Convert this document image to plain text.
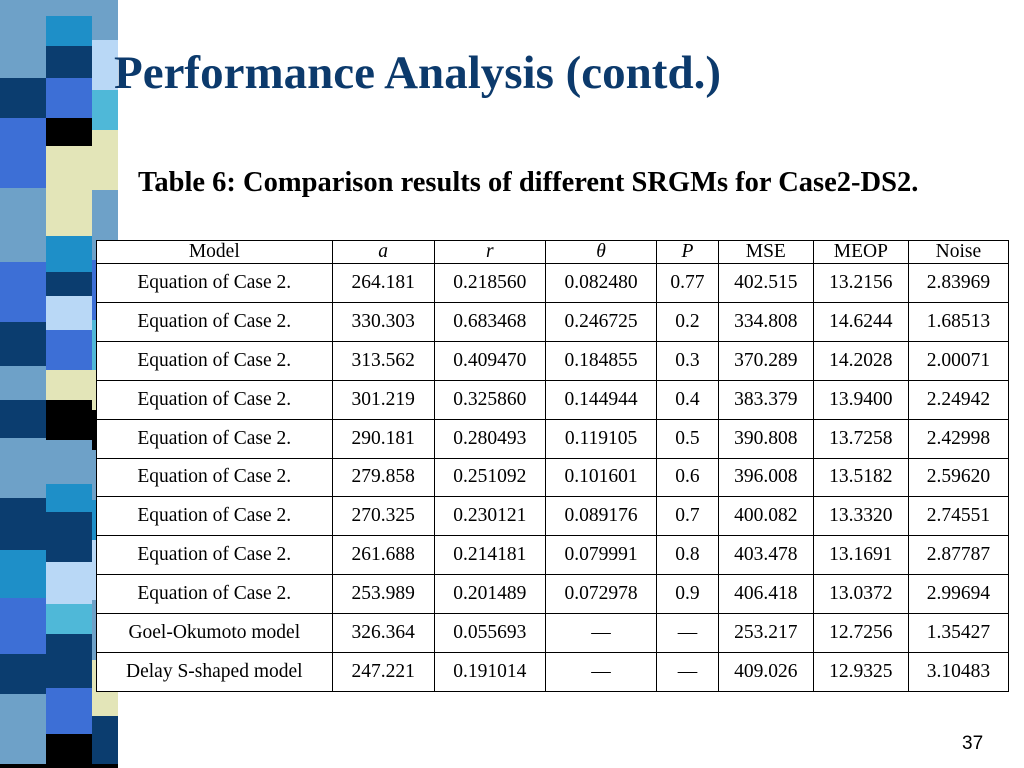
Performance Analysis (contd.)
Table 6: Comparison results of different SRGMs for Case2-DS2.
Model	a	r	θ	P	MSE	MEOP	Noise
Equation of Case 2.	264.181	0.218560	0.082480	0.77	402.515	13.2156	2.83969
Equation of Case 2.	330.303	0.683468	0.246725	0.2	334.808	14.6244	1.68513
Equation of Case 2.	313.562	0.409470	0.184855	0.3	370.289	14.2028	2.00071
Equation of Case 2.	301.219	0.325860	0.144944	0.4	383.379	13.9400	2.24942
Equation of Case 2.	290.181	0.280493	0.119105	0.5	390.808	13.7258	2.42998
Equation of Case 2.	279.858	0.251092	0.101601	0.6	396.008	13.5182	2.59620
Equation of Case 2.	270.325	0.230121	0.089176	0.7	400.082	13.3320	2.74551
Equation of Case 2.	261.688	0.214181	0.079991	0.8	403.478	13.1691	2.87787
Equation of Case 2.	253.989	0.201489	0.072978	0.9	406.418	13.0372	2.99694
Goel-Okumoto model	326.364	0.055693	—	—	253.217	12.7256	1.35427
Delay S-shaped model	247.221	0.191014	—	—	409.026	12.9325	3.10483
37
